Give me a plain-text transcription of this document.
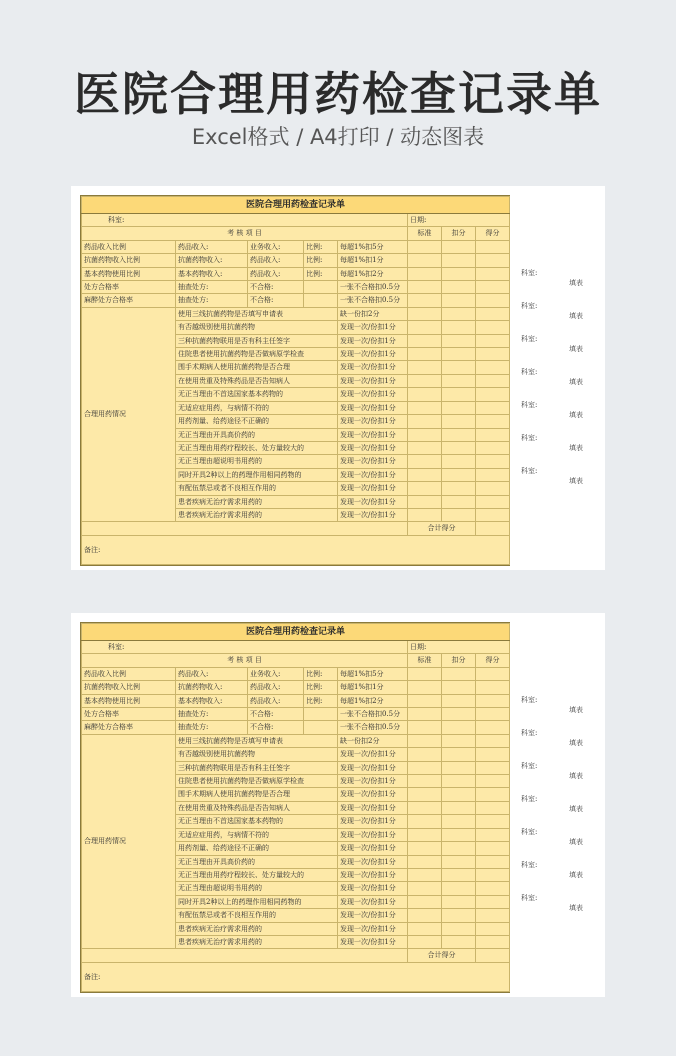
医院合理用药检查记录单
Excel格式 / A4打印 / 动态图表
医院合理用药检查记录单							
科室:					日期:		
考 核 项 目					标准	扣分	得分
药品收入比例	药品收入:	业务收入:	比例:	每超1%扣5分			
抗菌药物收入比例	抗菌药物收入:	药品收入:	比例:	每超1%扣1分			
基本药物使用比例	基本药物收入:	药品收入:	比例:	每超1%扣2分			
处方合格率	抽查处方:	不合格:		一张不合格扣0.5分			
麻醉处方合格率	抽查处方:	不合格:		一张不合格扣0.5分			
合理用药情况	使用三线抗菌药物是否填写申请表			缺一份扣2分			
	有否越级别使用抗菌药物			发现一次/份扣1分			
	三种抗菌药物联用是否有科主任签字			发现一次/份扣1分			
	住院患者使用抗菌药物是否做病原学检查			发现一次/份扣1分			
	围手术期病人使用抗菌药物是否合理			发现一次/份扣1分			
	在使用贵重及特殊药品是否告知病人			发现一次/份扣1分			
	无正当理由不首选国家基本药物的			发现一次/份扣1分			
	无适应症用药，与病情不符的			发现一次/份扣1分			
	用药剂量、给药途径不正确的			发现一次/份扣1分			
	无正当理由开具高价药的			发现一次/份扣1分			
	无正当理由用药疗程较长、处方量较大的			发现一次/份扣1分			
	无正当理由超说明书用药的			发现一次/份扣1分			
	同时开具2种以上的药理作用相同药物的			发现一次/份扣1分			
	有配伍禁忌或者不良相互作用的			发现一次/份扣1分			
	患者疾病无治疗需求用药的			发现一次/份扣1分			
	患者疾病无治疗需求用药的			发现一次/份扣1分			
					合计得分		
备注:							
科室:
填表
科室:
填表
科室:
填表
科室:
填表
科室:
填表
科室:
填表
科室:
填表
医院合理用药检查记录单							
科室:					日期:		
考 核 项 目					标准	扣分	得分
药品收入比例	药品收入:	业务收入:	比例:	每超1%扣5分			
抗菌药物收入比例	抗菌药物收入:	药品收入:	比例:	每超1%扣1分			
基本药物使用比例	基本药物收入:	药品收入:	比例:	每超1%扣2分			
处方合格率	抽查处方:	不合格:		一张不合格扣0.5分			
麻醉处方合格率	抽查处方:	不合格:		一张不合格扣0.5分			
合理用药情况	使用三线抗菌药物是否填写申请表			缺一份扣2分			
	有否越级别使用抗菌药物			发现一次/份扣1分			
	三种抗菌药物联用是否有科主任签字			发现一次/份扣1分			
	住院患者使用抗菌药物是否做病原学检查			发现一次/份扣1分			
	围手术期病人使用抗菌药物是否合理			发现一次/份扣1分			
	在使用贵重及特殊药品是否告知病人			发现一次/份扣1分			
	无正当理由不首选国家基本药物的			发现一次/份扣1分			
	无适应症用药，与病情不符的			发现一次/份扣1分			
	用药剂量、给药途径不正确的			发现一次/份扣1分			
	无正当理由开具高价药的			发现一次/份扣1分			
	无正当理由用药疗程较长、处方量较大的			发现一次/份扣1分			
	无正当理由超说明书用药的			发现一次/份扣1分			
	同时开具2种以上的药理作用相同药物的			发现一次/份扣1分			
	有配伍禁忌或者不良相互作用的			发现一次/份扣1分			
	患者疾病无治疗需求用药的			发现一次/份扣1分			
	患者疾病无治疗需求用药的			发现一次/份扣1分			
					合计得分		
备注:							
科室:
填表
科室:
填表
科室:
填表
科室:
填表
科室:
填表
科室:
填表
科室:
填表
